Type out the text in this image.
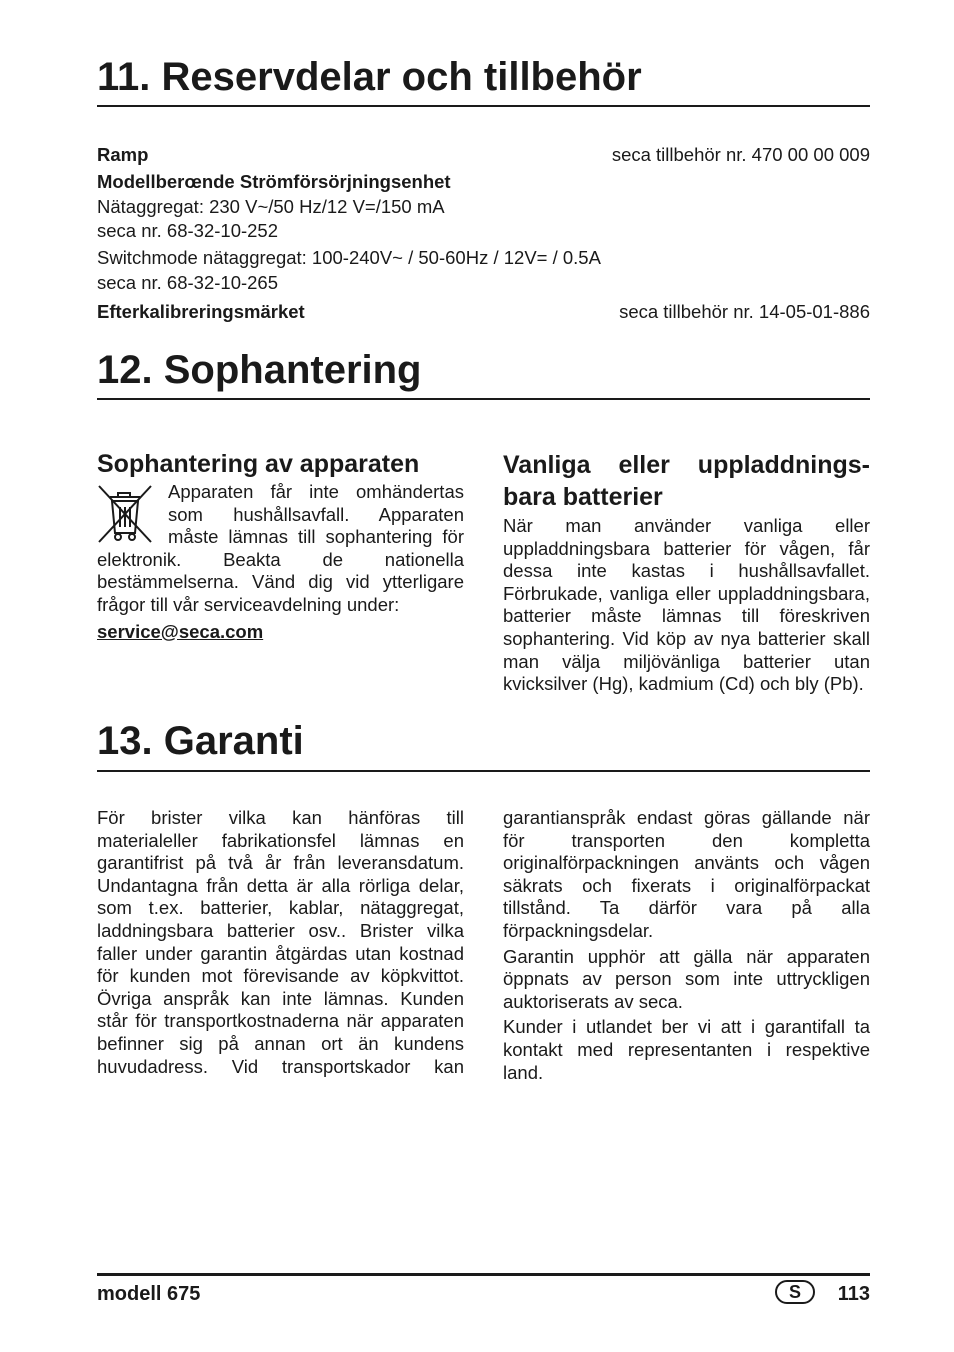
11. Reservdelar och tillbehör
Ramp	seca tillbehör nr. 470 00 00 009
Modellberœnde Strömförsörjningsenhet
Nätaggregat: 230 V~/50 Hz/12 V=/150 mA
seca nr. 68-32-10-252
Switchmode nätaggregat: 100-240V~ / 50-60Hz / 12V= / 0.5A
seca nr. 68-32-10-265
Efterkalibreringsmärket	seca tillbehör nr. 14-05-01-886
12. Sophantering
Sophantering av apparaten

Apparaten får inte omhändertas som hushållsavfall. Apparaten måste lämnas till sophantering för elektronik. Beakta de nationella bestämmelserna. Vänd dig vid ytterligare frågor till vår serviceavdelning under:

service@seca.com
Vanliga eller uppladdnings-
bara batterier

När man använder vanliga eller uppladdningsbara batterier för vågen, får dessa inte kastas i hushållsavfallet. Förbrukade, vanliga eller uppladdningsbara, batterier måste lämnas till föreskriven sophantering. Vid köp av nya batterier skall man välja miljövänliga batterier utan kvicksilver (Hg), kadmium (Cd) och bly (Pb).

13. Garanti

För brister vilka kan hänföras till materialeller fabrikationsfel lämnas en garantifrist på två år från leveransdatum. Undantagna från detta är alla rörliga delar, som t.ex. batterier, kablar, nätaggregat, laddningsbara batterier osv.. Brister vilka faller under garantin åtgärdas utan kostnad för kunden mot förevisande av köpkvittot. Övriga anspråk kan inte lämnas. Kunden står för transportkostnaderna när apparaten befinner sig på annan ort än kundens huvudadress. Vid transportskador kan

garantianspråk endast göras gällande när för transporten den kompletta originalförpackningen använts och vågen säkrats och fixerats i originalförpackat tillstånd. Ta därför vara på alla förpackningsdelar.

Garantin upphör att gälla när apparaten öppnats av person som inte uttryckligen auktoriserats av seca.

Kunder i utlandet ber vi att i garantifall ta kontakt med representanten i respektive land.

modell 675	S	113
